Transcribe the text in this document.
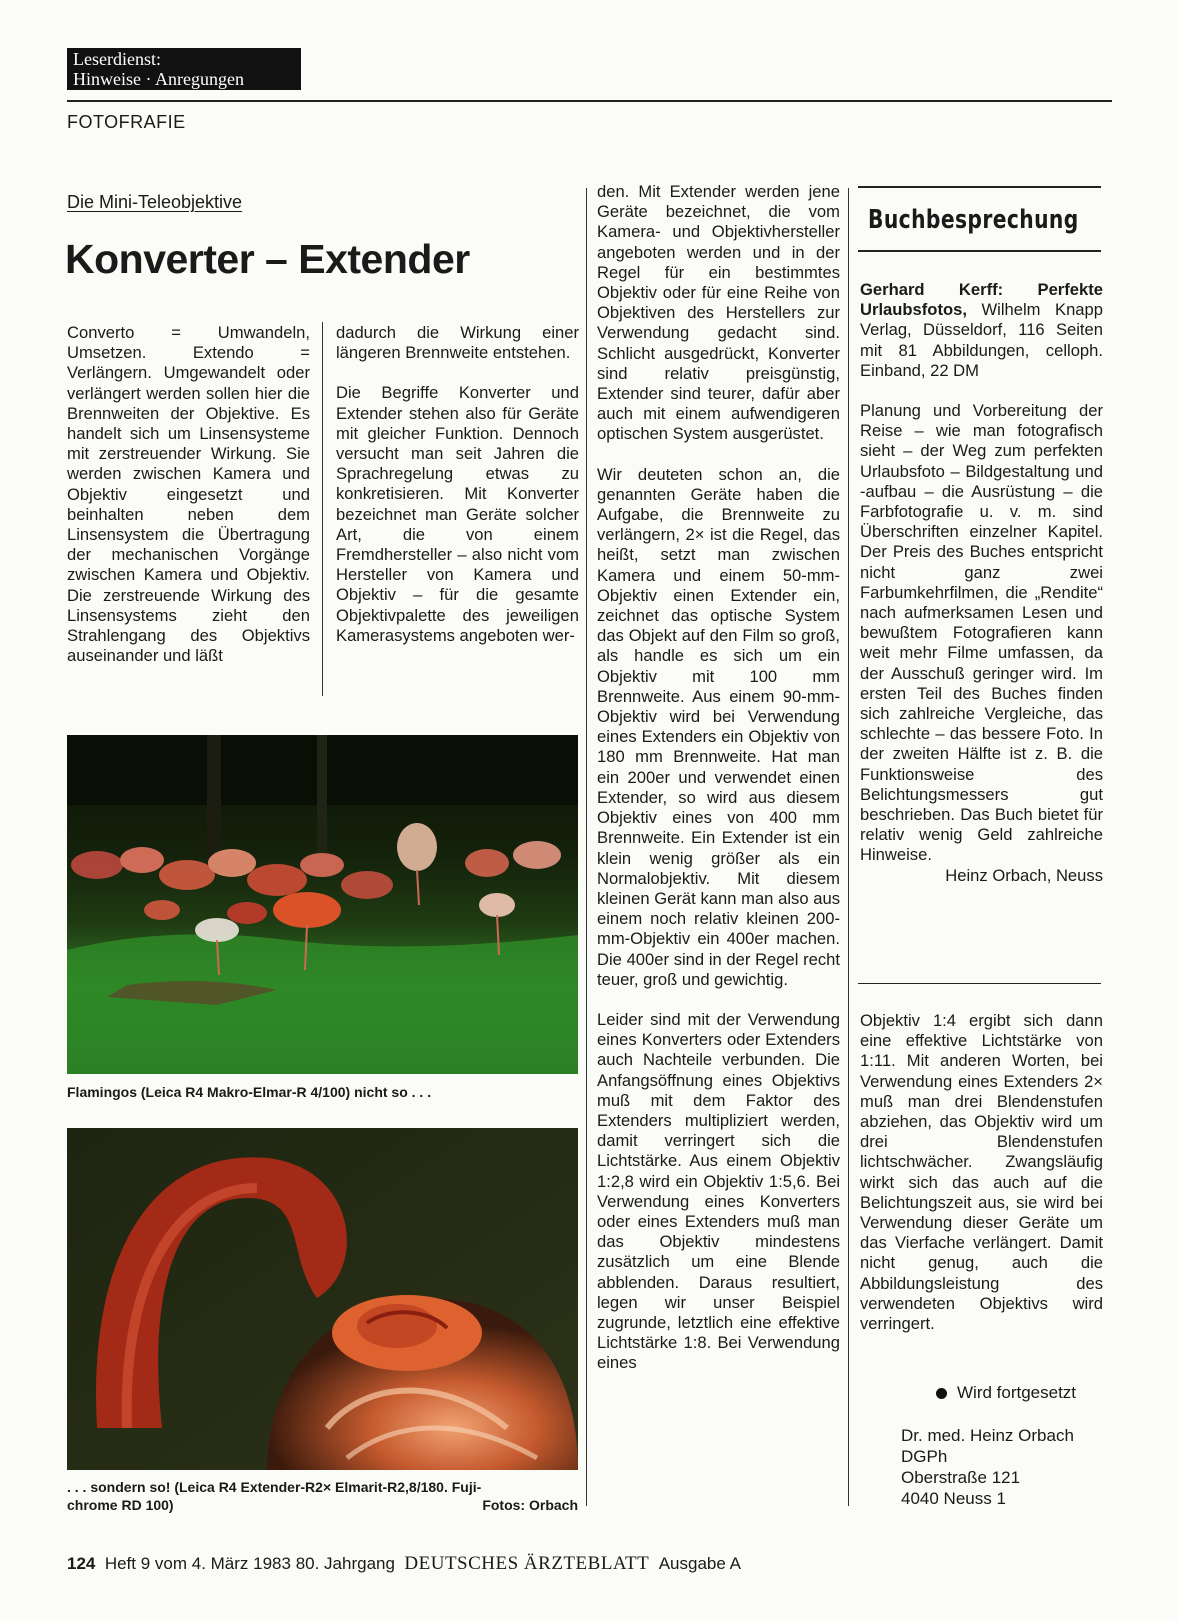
Leserdienst:
Hinweise · Anregungen
FOTOFRAFIE
Die Mini-Teleobjektive
Konverter – Extender

Converto = Umwandeln, Umsetzen. Extendo = Verlängern. Umgewandelt oder verlängert werden sollen hier die Brennweiten der Objektive. Es handelt sich um Linsensysteme mit zerstreuender Wirkung. Sie werden zwischen Kamera und Objektiv eingesetzt und beinhalten neben dem Linsensystem die Übertragung der mechanischen Vorgänge zwischen Kamera und Objektiv. Die zerstreuende Wirkung des Linsensystems zieht den Strahlengang des Objektivs auseinander und läßt

dadurch die Wirkung einer längeren Brennweite entstehen.

Die Begriffe Konverter und Extender stehen also für Geräte mit gleicher Funktion. Dennoch versucht man seit Jahren die Sprachregelung etwas zu konkretisieren. Mit Konverter bezeichnet man Geräte solcher Art, die von einem Fremdhersteller – also nicht vom Hersteller von Kamera und Objektiv – für die gesamte Objektivpalette des jeweiligen Kamerasystems angeboten wer-

Flamingos (Leica R4 Makro-Elmar-R 4/100) nicht so . . .
. . . sondern so! (Leica R4 Extender-R2× Elmarit-R2,8/180. Fuji-
chrome RD 100)	Fotos: Orbach

den. Mit Extender werden jene Geräte bezeichnet, die vom Kamera- und Objektivhersteller angeboten werden und in der Regel für ein bestimmtes Objektiv oder für eine Reihe von Objektiven des Herstellers zur Verwendung gedacht sind. Schlicht ausgedrückt, Konverter sind relativ preisgünstig, Extender sind teurer, dafür aber auch mit einem aufwendigeren optischen System ausgerüstet.

Wir deuteten schon an, die genannten Geräte haben die Aufgabe, die Brennweite zu verlängern, 2× ist die Regel, das heißt, setzt man zwischen Kamera und einem 50-mm-Objektiv einen Extender ein, zeichnet das optische System das Objekt auf den Film so groß, als handle es sich um ein Objektiv mit 100 mm Brennweite. Aus einem 90-mm-Objektiv wird bei Verwendung eines Extenders ein Objektiv von 180 mm Brennweite. Hat man ein 200er und verwendet einen Extender, so wird aus diesem Objektiv eines von 400 mm Brennweite. Ein Extender ist ein klein wenig größer als ein Normalobjektiv. Mit diesem kleinen Gerät kann man also aus einem noch relativ kleinen 200-mm-Objektiv ein 400er machen. Die 400er sind in der Regel recht teuer, groß und gewichtig.

Leider sind mit der Verwendung eines Konverters oder Extenders auch Nachteile verbunden. Die Anfangsöffnung eines Objektivs muß mit dem Faktor des Extenders multipliziert werden, damit verringert sich die Lichtstärke. Aus einem Objektiv 1:2,8 wird ein Objektiv 1:5,6. Bei Verwendung eines Konverters oder eines Extenders muß man das Objektiv mindestens zusätzlich um eine Blende abblenden. Daraus resultiert, legen wir unser Beispiel zugrunde, letztlich eine effektive Lichtstärke 1:8. Bei Verwendung eines

Buchbesprechung

Gerhard Kerff: Perfekte Urlaubsfotos, Wilhelm Knapp Verlag, Düsseldorf, 116 Seiten mit 81 Abbildungen, celloph. Einband, 22 DM

Planung und Vorbereitung der Reise – wie man fotografisch sieht – der Weg zum perfekten Urlaubsfoto – Bildgestaltung und -aufbau – die Ausrüstung – die Farbfotografie u. v. m. sind Überschriften einzelner Kapitel. Der Preis des Buches entspricht nicht ganz zwei Farbumkehrfilmen, die „Rendite“ nach aufmerksamen Lesen und bewußtem Fotografieren kann weit mehr Filme umfassen, da der Ausschuß geringer wird. Im ersten Teil des Buches finden sich zahlreiche Vergleiche, das schlechte – das bessere Foto. In der zweiten Hälfte ist z. B. die Funktionsweise des Belichtungsmessers gut beschrieben. Das Buch bietet für relativ wenig Geld zahlreiche Hinweise.

Heinz Orbach, Neuss

Objektiv 1:4 ergibt sich dann eine effektive Lichtstärke von 1:11. Mit anderen Worten, bei Verwendung eines Extenders 2× muß man drei Blendenstufen abziehen, das Objektiv wird um drei Blendenstufen lichtschwächer. Zwangsläufig wirkt sich das auch auf die Belichtungszeit aus, sie wird bei Verwendung dieser Geräte um das Vierfache verlängert. Damit nicht genug, auch die Abbildungsleistung des verwendeten Objektivs wird verringert.

Wird fortgesetzt
Dr. med. Heinz Orbach
DGPh
Oberstraße 121
4040 Neuss 1
124 Heft 9 vom 4. März 1983 80. Jahrgang DEUTSCHES ÄRZTEBLATT Ausgabe A
